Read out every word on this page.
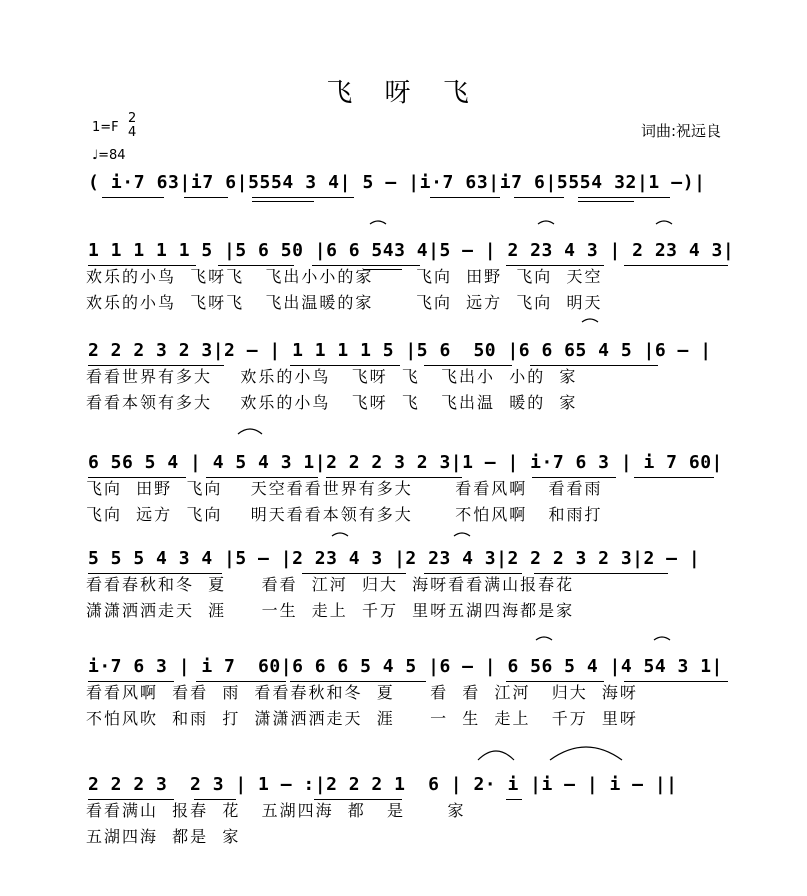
飞 呀 飞
1=F
2
4
♩=84
词曲:祝远良
( i·7 63|i7 6|5554 3 4| 5 – |i·7 63|i7 6|5554 32|1 –)|
1 1 1 1 1 5 |5 6 50 |6 6 543 4|5 – | 2 23 4 3 | 2 23 4 3|
欢乐的小鸟  飞呀飞   飞出小小的家      飞向  田野  飞向  天空
欢乐的小鸟  飞呀飞   飞出温暖的家      飞向  远方  飞向  明天
2 2 2 3 2 3|2 – | 1 1 1 1 5 |5 6  50 |6 6 65 4 5 |6 – |
看看世界有多大    欢乐的小鸟   飞呀  飞   飞出小  小的  家
看看本领有多大    欢乐的小鸟   飞呀  飞   飞出温  暖的  家
6 56 5 4 | 4 5 4 3 1|2 2 2 3 2 3|1 – | i·7 6 3 | i 7 60|
飞向  田野  飞向    天空看看世界有多大      看看风啊   看看雨
飞向  远方  飞向    明天看看本领有多大      不怕风啊   和雨打
5 5 5 4 3 4 |5 – |2 23 4 3 |2 23 4 3|2 2 2 3 2 3|2 – |
看看春秋和冬  夏     看看  江河  归大  海呀看看满山报春花
潇潇洒洒走天  涯     一生  走上  千万  里呀五湖四海都是家
i·7 6 3 | i 7  60|6 6 6 5 4 5 |6 – | 6 56 5 4 |4 54 3 1|
看看风啊  看看  雨  看看春秋和冬  夏     看  看  江河   归大  海呀
不怕风吹  和雨  打  潇潇洒洒走天  涯     一  生  走上   千万  里呀
2 2 2 3  2 3 | 1 – :|2 2 2 1  6 | 2· i |i – | i – ||
看看满山  报春  花   五湖四海  都   是      家
五湖四海  都是  家
